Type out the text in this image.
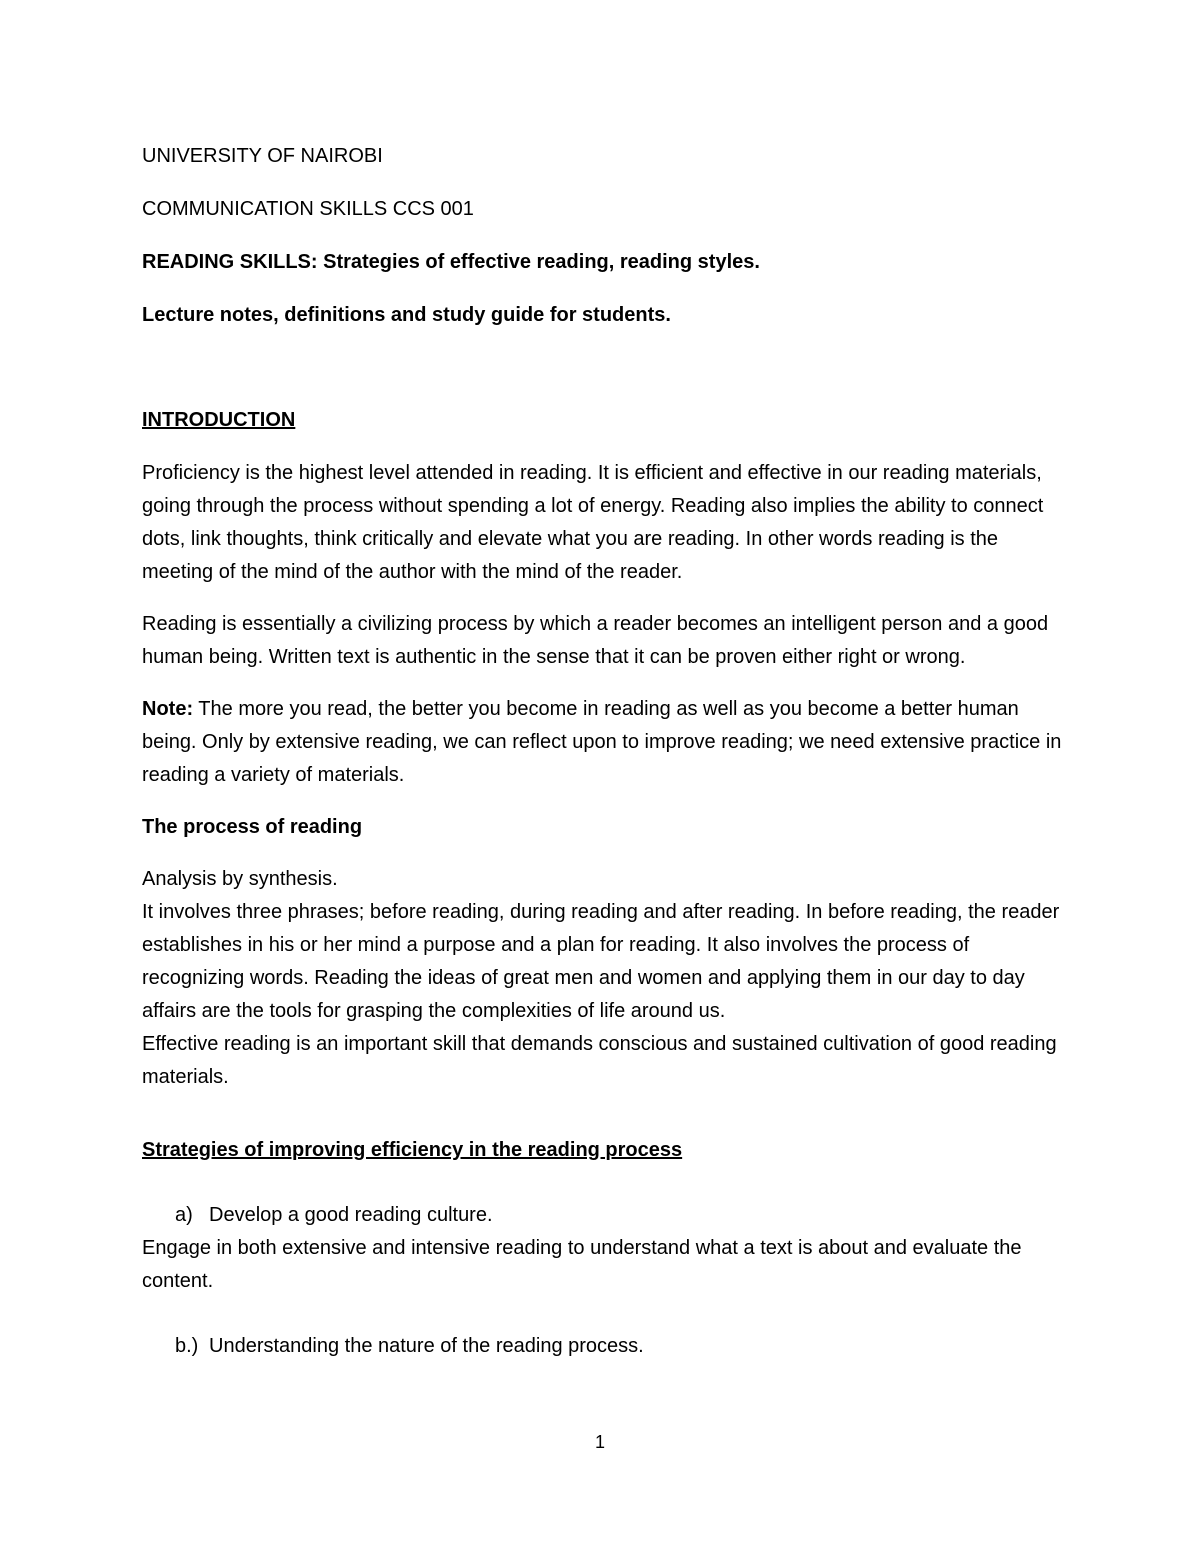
UNIVERSITY OF NAIROBI
COMMUNICATION SKILLS CCS 001
READING SKILLS: Strategies of effective reading, reading styles.
Lecture notes, definitions and study guide for students.
INTRODUCTION

Proficiency is the highest level attended in reading. It is efficient and effective in our reading materials, going through the process without spending a lot of energy. Reading also implies the ability to connect dots, link thoughts, think critically and elevate what you are reading. In other words reading is the meeting of the mind of the author with the mind of the reader.

Reading is essentially a civilizing process by which a reader becomes an intelligent person and a good human being. Written text is authentic in the sense that it can be proven either right or wrong.

Note: The more you read, the better you become in reading as well as you become a better human being. Only by extensive reading, we can reflect upon to improve reading; we need extensive practice in reading a variety of materials.

The process of reading
Analysis by synthesis.
It involves three phrases; before reading, during reading and after reading. In before reading, the reader establishes in his or her mind a purpose and a plan for reading. It also involves the process of recognizing words. Reading the ideas of great men and women and applying them in our day to day affairs are the tools for grasping the complexities of life around us.
Effective reading is an important skill that demands conscious and sustained cultivation of good reading materials.
Strategies of improving efficiency in the reading process
a) Develop a good reading culture.
Engage in both extensive and intensive reading to understand what a text is about and evaluate the content.
b.) Understanding the nature of the reading process.
1
